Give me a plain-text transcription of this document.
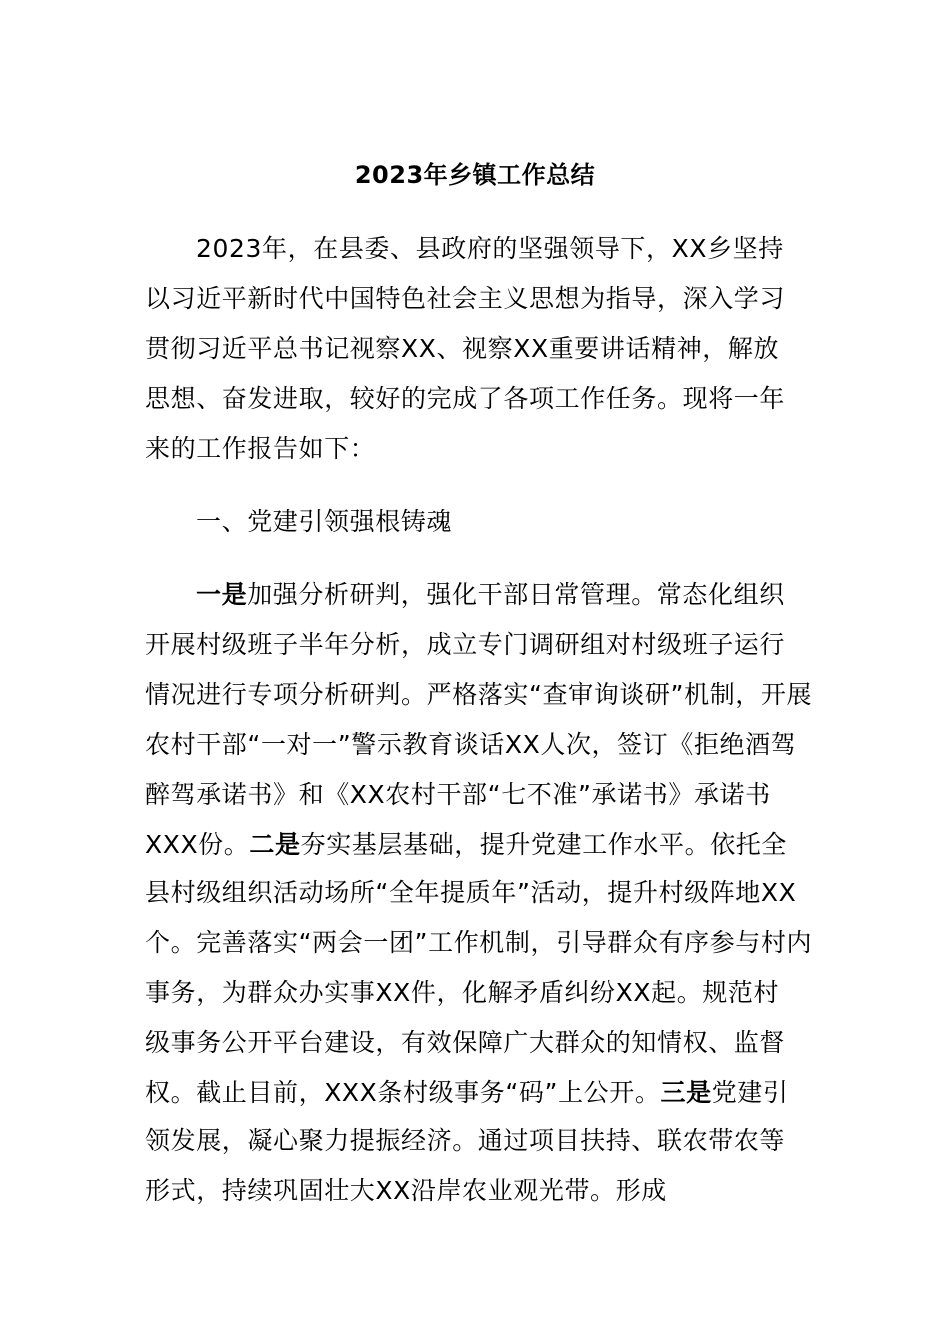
2023年乡镇工作总结
2023年，在县委、县政府的坚强领导下，XX乡坚持
以习近平新时代中国特色社会主义思想为指导，深入学习
贯彻习近平总书记视察XX、视察XX重要讲话精神，解放
思想、奋发进取，较好的完成了各项工作任务。现将一年
来的工作报告如下：
一、党建引领强根铸魂
一是加强分析研判，强化干部日常管理。常态化组织
开展村级班子半年分析，成立专门调研组对村级班子运行
情况进行专项分析研判。严格落实“查审询谈研”机制，开展
农村干部“一对一”警示教育谈话XX人次，签订《拒绝酒驾
醉驾承诺书》和《XX农村干部“七不准”承诺书》承诺书
XXX份。二是夯实基层基础，提升党建工作水平。依托全
县村级组织活动场所“全年提质年”活动，提升村级阵地XX
个。完善落实“两会一团”工作机制，引导群众有序参与村内
事务，为群众办实事XX件，化解矛盾纠纷XX起。规范村
级事务公开平台建设，有效保障广大群众的知情权、监督
权。截止目前，XXX条村级事务“码”上公开。三是党建引
领发展，凝心聚力提振经济。通过项目扶持、联农带农等
形式，持续巩固壮大XX沿岸农业观光带。形成
